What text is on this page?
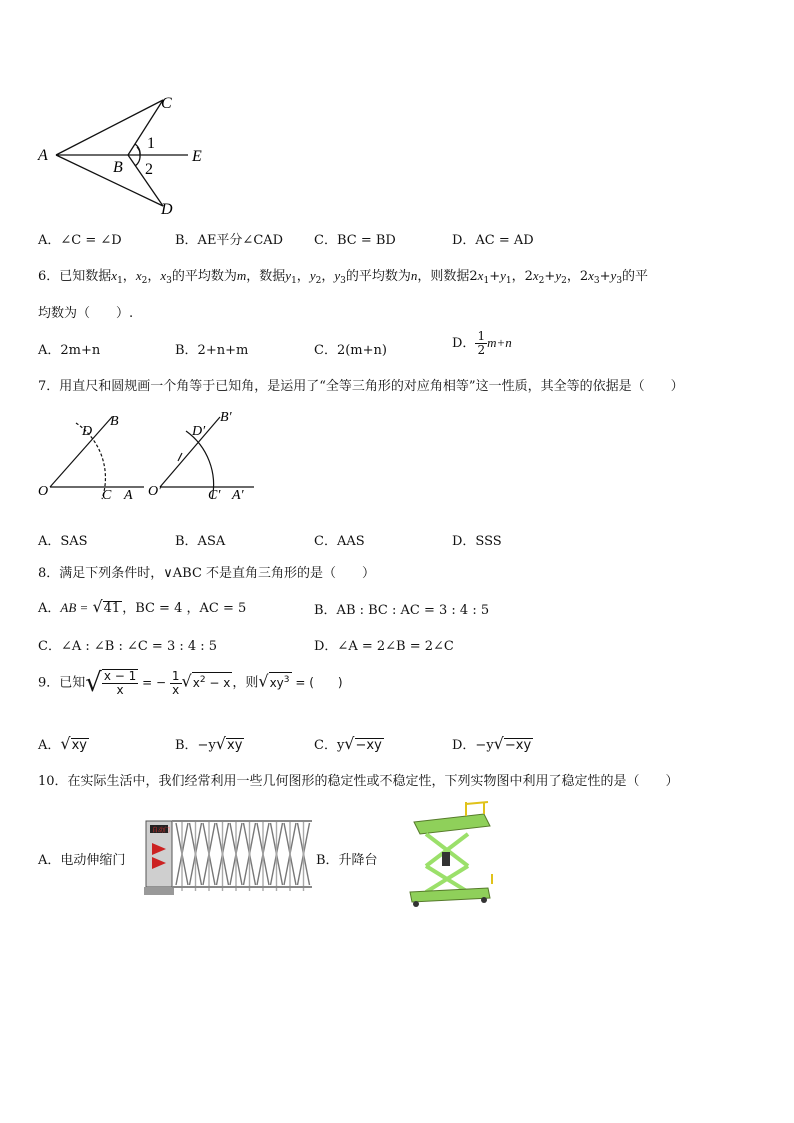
A
B
C
D
E
1
2
A．∠C = ∠D	B．AE平分∠CAD C．BC = BD	D．AC = AD
6．已知数据$x_1$，$x_2$，$x_3$的平均数为m，数据$y_1$，$y_2$，$y_3$的平均数为n，则数据$2x_1+y_1$，$2x_2+y_2$，$2x_3+y_3$的平
均数为（　　）.
A．2m+n	B．2+n+m	C．2(m+n)	D． $\frac{1}{2} m+n$
7．用直尺和圆规画一个角等于已知角，是运用了“全等三角形的对应角相等”这一性质，其全等的依据是（　　）
O
D
B
C A O′
D′
B′
C′ A′
A．SAS	B．ASA	C．AAS	D．SSS
8．满足下列条件时，∨ABC 不是直角三角形的是（　　）
A．AB = √41 ，BC = 4 ，AC = 5	B．AB : BC : AC = 3 : 4 : 5
C．∠A : ∠B : ∠C = 3 : 4 : 5	D．∠A = 2∠B = 2∠C
9．已知√ $\frac{x - 1}{x}$ = − $\frac{1}{x} √x^2 - x$ ，则$√xy^3$ = (　　)
A．√xy	B．−y√xy	C．y√−xy	D．−y√−xy
10．在实际生活中，我们经常利用一些几何图形的稳定性或不稳定性，下列实物图中利用了稳定性的是（　　）
A．电动伸缩门
自动门
B．升降台
